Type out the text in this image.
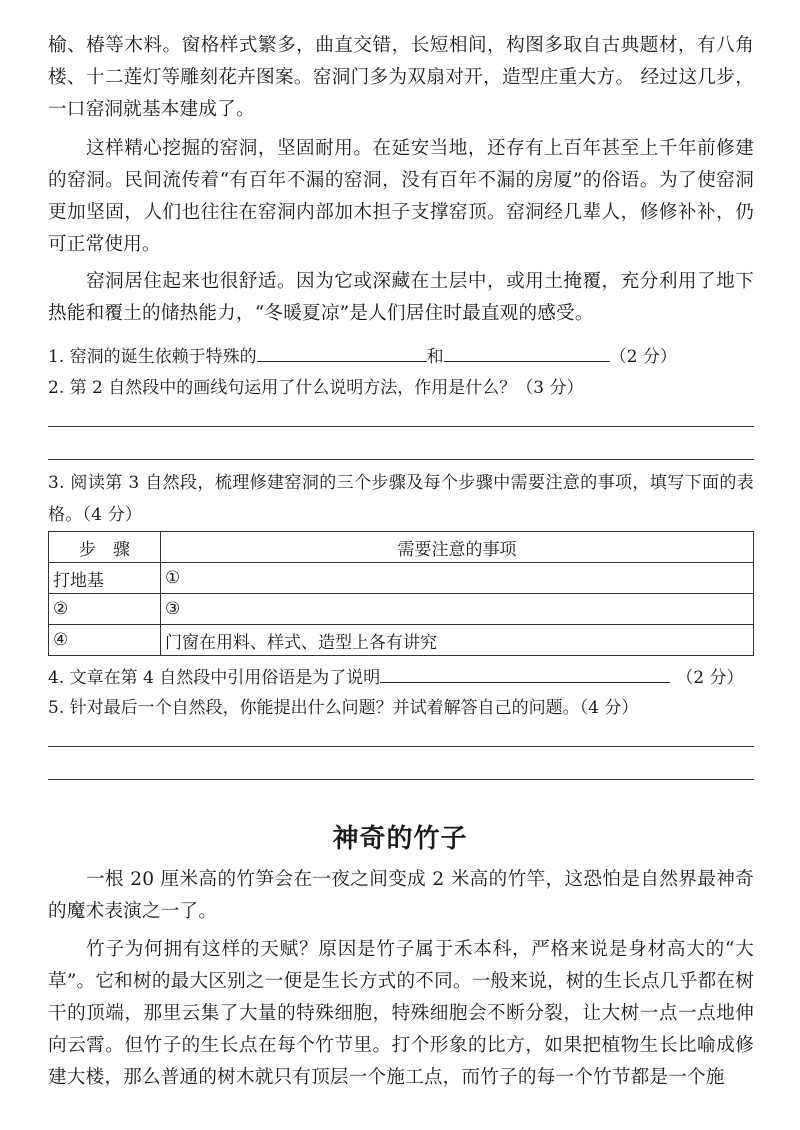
榆、椿等木料。窗格样式繁多，曲直交错，长短相间，构图多取自古典题材，有八角楼、十二莲灯等雕刻花卉图案。窑洞门多为双扇对开，造型庄重大方。 经过这几步，一口窑洞就基本建成了。

这样精心挖掘的窑洞，坚固耐用。在延安当地，还存有上百年甚至上千年前修建的窑洞。民间流传着“有百年不漏的窑洞，没有百年不漏的房厦”的俗语。为了使窑洞更加坚固，人们也往往在窑洞内部加木担子支撑窑顶。窑洞经几辈人，修修补补，仍可正常使用。

窑洞居住起来也很舒适。因为它或深藏在土层中，或用土掩覆，充分利用了地下热能和覆土的储热能力，“冬暖夏凉”是人们居住时最直观的感受。

1. 窑洞的诞生依赖于特殊的	和	（2 分）
2. 第 2 自然段中的画线句运用了什么说明方法，作用是什么？（3 分）

3. 阅读第 3 自然段，梳理修建窑洞的三个步骤及每个步骤中需要注意的事项，填写下面的表格。（4 分）

步　骤	需要注意的事项
打地基	①
②	③
④	门窗在用料、样式、造型上各有讲究
4. 文章在第 4 自然段中引用俗语是为了说明	（2 分）
5. 针对最后一个自然段，你能提出什么问题？并试着解答自己的问题。（4 分）
神奇的竹子

一根 20 厘米高的竹笋会在一夜之间变成 2 米高的竹竿，这恐怕是自然界最神奇的魔术表演之一了。

竹子为何拥有这样的天赋？原因是竹子属于禾本科，严格来说是身材高大的“大草”。它和树的最大区别之一便是生长方式的不同。一般来说，树的生长点几乎都在树干的顶端，那里云集了大量的特殊细胞，特殊细胞会不断分裂，让大树一点一点地伸向云霄。但竹子的生长点在每个竹节里。打个形象的比方，如果把植物生长比喻成修建大楼，那么普通的树木就只有顶层一个施工点，而竹子的每一个竹节都是一个施
